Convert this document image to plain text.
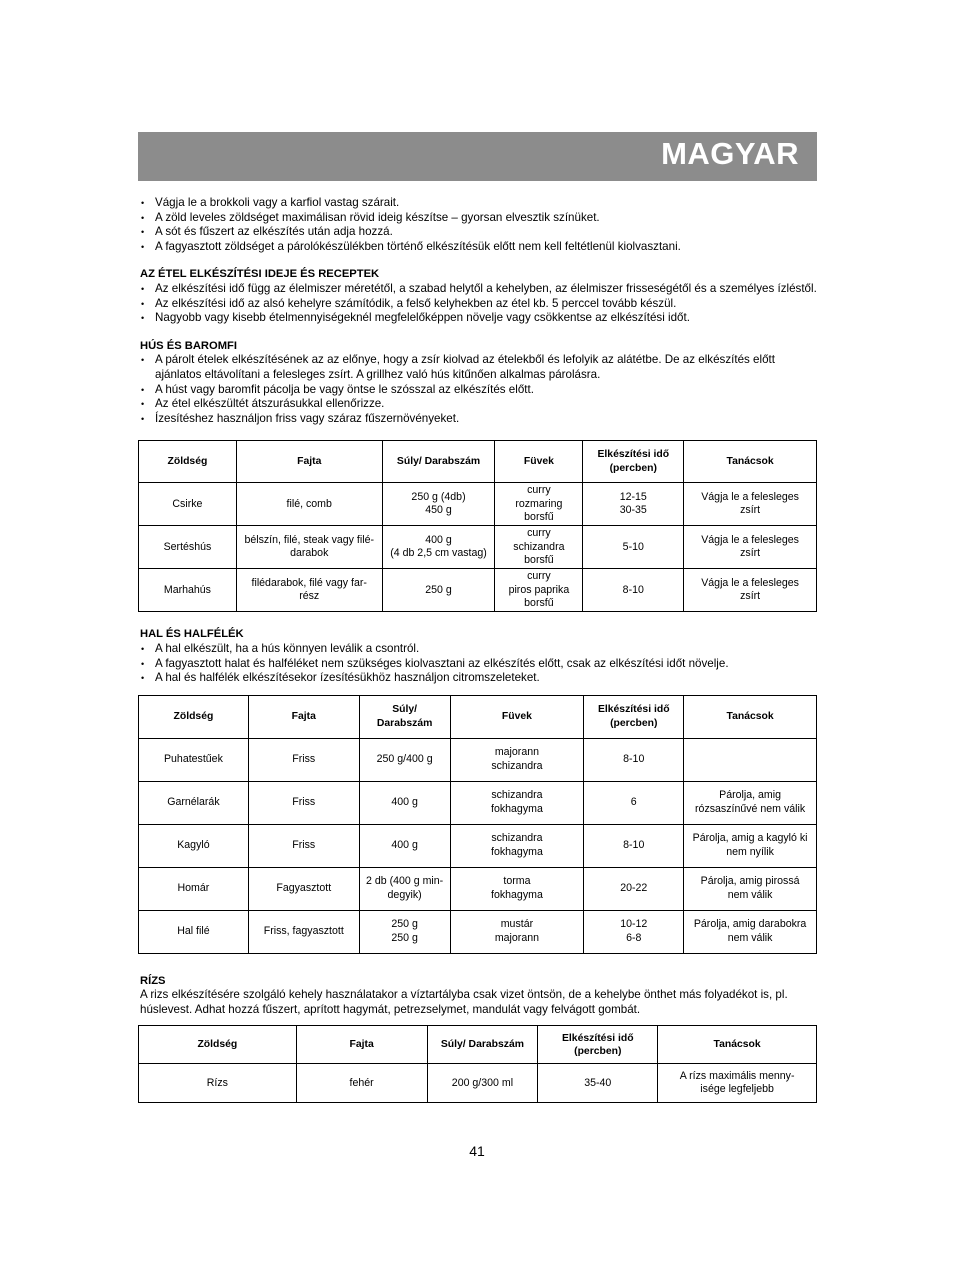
MAGYAR
• Vágja le a brokkoli vagy a karfiol vastag szárait.
• A zöld leveles zöldséget maximálisan rövid ideig készítse – gyorsan elvesztik színüket.
• A sót és fűszert az elkészítés után adja hozzá.
• A fagyasztott zöldséget a párolókészülékben történő elkészítésük előtt nem kell feltétlenül kiolvasztani.
AZ ÉTEL ELKÉSZÍTÉSI IDEJE ÉS RECEPTEK
• Az elkészítési idő függ az élelmiszer méretétől, a szabad helytől a kehelyben, az élelmiszer frisseségétől és a személyes ízléstől.
• Az elkészítési idő az alsó kehelyre számítódik, a felső kelyhekben az étel kb. 5 perccel tovább készül.
• Nagyobb vagy kisebb ételmennyiségeknél megfelelőképpen növelje vagy csökkentse az elkészítési időt.
HÚS ÉS BAROMFI
• A párolt ételek elkészítésének az az előnye, hogy a zsír kiolvad az ételekből és lefolyik az alátétbe. De az elkészítés előtt ajánlatos eltávolítani a felesleges zsírt. A grillhez való hús kitűnően alkalmas párolásra.
• A húst vagy baromfit pácolja be vagy öntse le szósszal az elkészítés előtt.
• Az étel elkészültét átszurásukkal ellenőrizze.
• Ízesítéshez használjon friss vagy száraz fűszernövényeket.
Zöldség	Fajta	Súly/ Darabszám	Füvek	Elkészítési idő
(percben)	Tanácsok
Csirke	filé, comb	250 g (4db)
450 g	curry
rozmaring
borsfű	12-15
30-35	Vágja le a felesleges
zsírt
Sertéshús	bélszín, filé, steak vagy filé-
darabok	400 g
(4 db 2,5 cm vastag)	curry
schizandra
borsfű	5-10	Vágja le a felesleges
zsírt
Marhahús	filédarabok, filé vagy far-
rész	250 g	curry
piros paprika
borsfű	8-10	Vágja le a felesleges
zsírt
HAL ÉS HALFÉLÉK
• A hal elkészült, ha a hús könnyen leválik a csontról.
• A fagyasztott halat és halféléket nem szükséges kiolvasztani az elkészítés előtt, csak az elkészítési időt növelje.
• A hal és halfélék elkészítésekor ízesítésükhöz használjon citromszeleteket.
Zöldség	Fajta	Súly/
Darabszám	Füvek	Elkészítési idő
(percben)	Tanácsok
Puhatestűek	Friss	250 g/400 g	majorann
schizandra	8-10	
Garnélarák	Friss	400 g	schizandra
fokhagyma	6	Párolja, amig
rózsaszínűvé nem válik
Kagyló	Friss	400 g	schizandra
fokhagyma	8-10	Párolja, amig a kagyló ki
nem nyílik
Homár	Fagyasztott	2 db (400 g min-
degyik)	torma
fokhagyma	20-22	Párolja, amig pirossá
nem válik
Hal filé	Friss, fagyasztott	250 g
250 g	mustár
majorann	10-12
6-8	Párolja, amig darabokra
nem válik
RÍZS

A rizs elkészítésére szolgáló kehely használatakor a víztartályba csak vizet öntsön, de a kehelybe önthet más folyadékot is, pl. húslevest. Adhat hozzá fűszert, aprított hagymát, petrezselymet, mandulát vagy felvágott gombát.

Zöldség	Fajta	Súly/ Darabszám	Elkészítési idő
(percben)	Tanácsok
Rízs	fehér	200 g/300 ml	35-40	A rízs maximális menny-
isége legfeljebb
41
